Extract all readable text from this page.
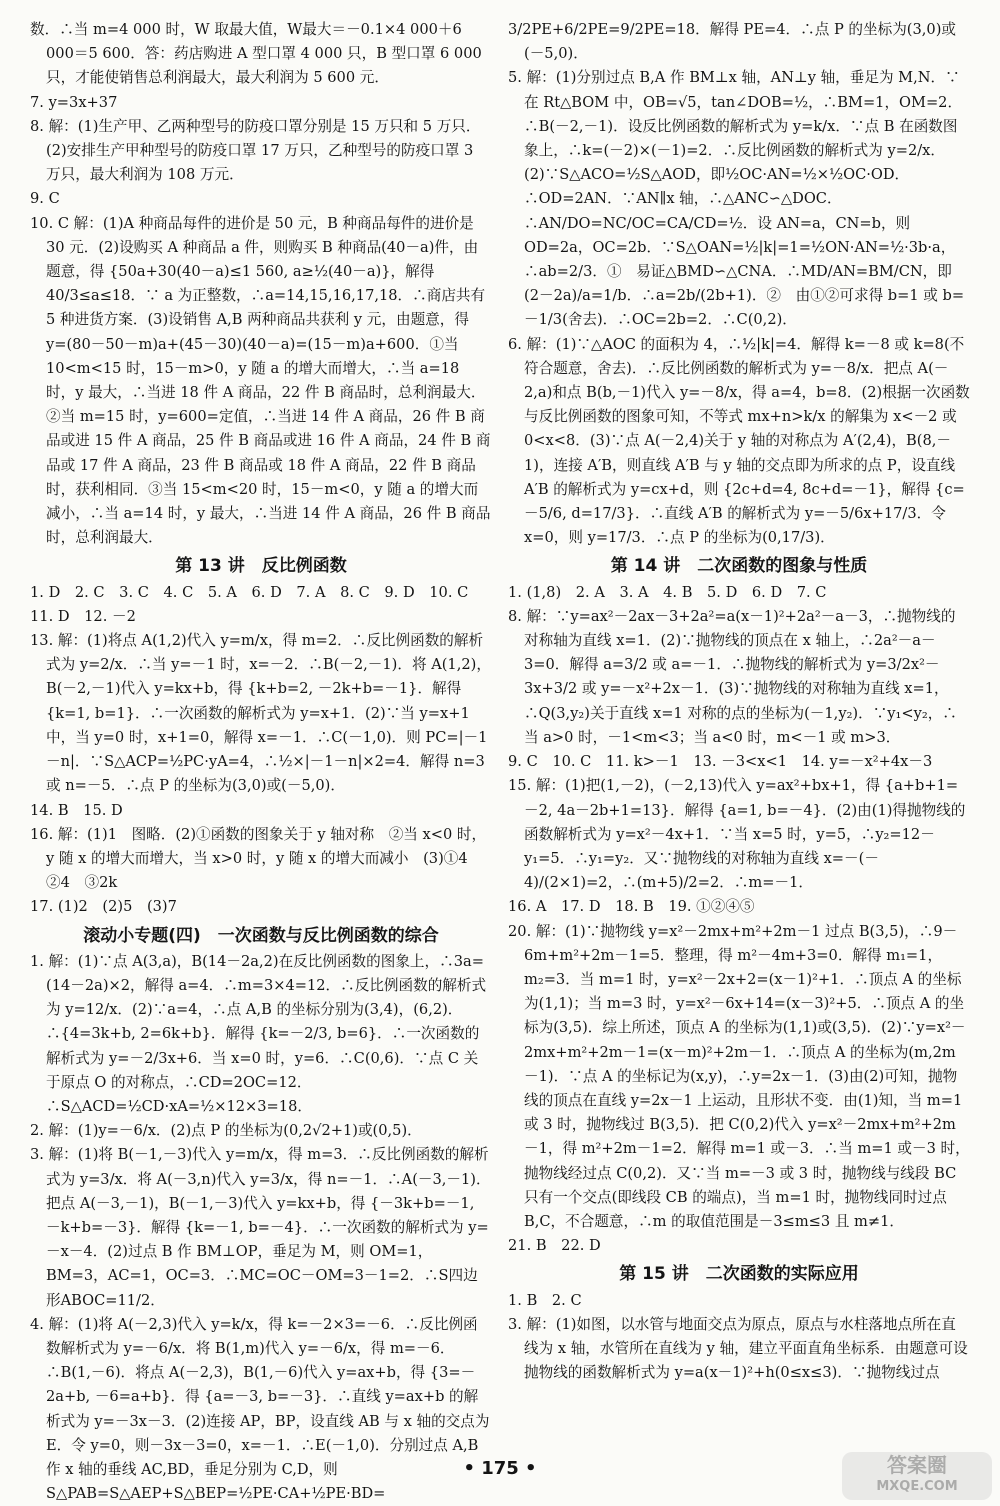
数．∴当 m=4 000 时，W 取最大值，W最大＝－0.1×4 000＋6 000＝5 600．答：药店购进 A 型口罩 4 000 只，B 型口罩 6 000 只，才能使销售总利润最大，最大利润为 5 600 元．

7. y=3x+37

8. 解：(1)生产甲、乙两种型号的防疫口罩分别是 15 万只和 5 万只．(2)安排生产甲种型号的防疫口罩 17 万只，乙种型号的防疫口罩 3 万只，最大利润为 108 万元．

9. C

10. C 解：(1)A 种商品每件的进价是 50 元，B 种商品每件的进价是 30 元．(2)设购买 A 种商品 a 件，则购买 B 种商品(40－a)件，由题意，得 {50a+30(40－a)≤1 560, a≥½(40－a)}，解得 40/3≤a≤18．∵ a 为正整数，∴a=14,15,16,17,18．∴商店共有 5 种进货方案．(3)设销售 A,B 两种商品共获利 y 元，由题意，得 y=(80－50－m)a+(45－30)(40－a)=(15－m)a+600．①当 10<m<15 时，15－m>0，y 随 a 的增大而增大，∴当 a=18 时，y 最大，∴当进 18 件 A 商品，22 件 B 商品时，总利润最大．②当 m=15 时，y=600=定值，∴当进 14 件 A 商品，26 件 B 商品或进 15 件 A 商品，25 件 B 商品或进 16 件 A 商品，24 件 B 商品或 17 件 A 商品，23 件 B 商品或 18 件 A 商品，22 件 B 商品时，获利相同．③当 15<m<20 时，15－m<0，y 随 a 的增大而减小，∴当 a=14 时，y 最大，∴当进 14 件 A 商品，26 件 B 商品时，总利润最大．

第 13 讲　反比例函数

1. D　2. C　3. C　4. C　5. A　6. D　7. A　8. C　9. D　10. C

11. D　12. －2

13. 解：(1)将点 A(1,2)代入 y=m/x，得 m=2．∴反比例函数的解析式为 y=2/x．∴当 y=－1 时，x=－2．∴B(－2,－1)．将 A(1,2)，B(－2,－1)代入 y=kx+b，得 {k+b=2, －2k+b=－1}．解得 {k=1, b=1}．∴一次函数的解析式为 y=x+1．(2)∵当 y=x+1 中，当 y=0 时，x+1=0，解得 x=－1．∴C(－1,0)．则 PC=|－1－n|．∵S△ACP=½PC·yA=4，∴½×|－1－n|×2=4．解得 n=3 或 n=－5．∴点 P 的坐标为(3,0)或(－5,0)．

14. B　15. D

16. 解：(1)1　图略．(2)①函数的图象关于 y 轴对称　②当 x<0 时，y 随 x 的增大而增大，当 x>0 时，y 随 x 的增大而减小　(3)①4 ②4　③2k

17. (1)2　(2)5　(3)7

滚动小专题(四)　一次函数与反比例函数的综合

1. 解：(1)∵点 A(3,a)，B(14－2a,2)在反比例函数的图象上，∴3a=(14－2a)×2，解得 a=4．∴m=3×4=12．∴反比例函数的解析式为 y=12/x．(2)∵a=4，∴点 A,B 的坐标分别为(3,4)，(6,2)．∴{4=3k+b, 2=6k+b}．解得 {k=－2/3, b=6}．∴一次函数的解析式为 y=－2/3x+6．当 x=0 时，y=6．∴C(0,6)．∵点 C 关于原点 O 的对称点，∴CD=2OC=12．∴S△ACD=½CD·xA=½×12×3=18．

2. 解：(1)y=－6/x．(2)点 P 的坐标为(0,2√2+1)或(0,5)．

3. 解：(1)将 B(－1,－3)代入 y=m/x，得 m=3．∴反比例函数的解析式为 y=3/x．将 A(－3,n)代入 y=3/x，得 n=－1．∴A(－3,－1)．把点 A(－3,－1)，B(－1,－3)代入 y=kx+b，得 {－3k+b=－1, －k+b=－3}．解得 {k=－1, b=－4}．∴一次函数的解析式为 y=－x－4．(2)过点 B 作 BM⊥OP，垂足为 M，则 OM=1，BM=3，AC=1，OC=3．∴MC=OC－OM=3－1=2．∴S四边形ABOC=11/2．

4. 解：(1)将 A(－2,3)代入 y=k/x，得 k=－2×3=－6．∴反比例函数解析式为 y=－6/x．将 B(1,m)代入 y=－6/x，得 m=－6．∴B(1,－6)．将点 A(－2,3)，B(1,－6)代入 y=ax+b，得 {3=－2a+b, －6=a+b}．得 {a=－3, b=－3}．∴直线 y=ax+b 的解析式为 y=－3x－3．(2)连接 AP，BP，设直线 AB 与 x 轴的交点为 E．令 y=0，则－3x－3=0，x=－1．∴E(－1,0)．分别过点 A,B 作 x 轴的垂线 AC,BD，垂足分别为 C,D，则 S△PAB=S△AEP+S△BEP=½PE·CA+½PE·BD=

3/2PE+6/2PE=9/2PE=18．解得 PE=4．∴点 P 的坐标为(3,0)或(－5,0)．

5. 解：(1)分别过点 B,A 作 BM⊥x 轴，AN⊥y 轴，垂足为 M,N．∵在 Rt△BOM 中，OB=√5，tan∠DOB=½，∴BM=1，OM=2．∴B(－2,－1)．设反比例函数的解析式为 y=k/x．∵点 B 在函数图象上，∴k=(－2)×(－1)=2．∴反比例函数的解析式为 y=2/x．(2)∵S△ACO=½S△AOD，即½OC·AN=½×½OC·OD．∴OD=2AN．∵AN∥x 轴，∴△ANC∽△DOC．∴AN/DO=NC/OC=CA/CD=½．设 AN=a，CN=b，则 OD=2a，OC=2b．∵S△OAN=½|k|=1=½ON·AN=½·3b·a，∴ab=2/3．①　易证△BMD∽△CNA．∴MD/AN=BM/CN，即 (2－2a)/a=1/b．∴a=2b/(2b+1)．②　由①②可求得 b=1 或 b=－1/3(舍去)．∴OC=2b=2．∴C(0,2)．

6. 解：(1)∵△AOC 的面积为 4，∴½|k|=4．解得 k=－8 或 k=8(不符合题意，舍去)．∴反比例函数的解析式为 y=－8/x．把点 A(－2,a)和点 B(b,－1)代入 y=－8/x，得 a=4，b=8．(2)根据一次函数与反比例函数的图象可知，不等式 mx+n>k/x 的解集为 x<－2 或 0<x<8．(3)∵点 A(－2,4)关于 y 轴的对称点为 A′(2,4)，B(8,－1)，连接 A′B，则直线 A′B 与 y 轴的交点即为所求的点 P，设直线 A′B 的解析式为 y=cx+d，则 {2c+d=4, 8c+d=－1}，解得 {c=－5/6, d=17/3}．∴直线 A′B 的解析式为 y=－5/6x+17/3．令 x=0，则 y=17/3．∴点 P 的坐标为(0,17/3)．

第 14 讲　二次函数的图象与性质

1. (1,8)　2. A　3. A　4. B　5. D　6. D　7. C

8. 解：∵y=ax²－2ax－3+2a²=a(x－1)²+2a²－a－3，∴抛物线的对称轴为直线 x=1．(2)∵抛物线的顶点在 x 轴上，∴2a²－a－3=0．解得 a=3/2 或 a=－1．∴抛物线的解析式为 y=3/2x²－3x+3/2 或 y=－x²+2x－1．(3)∵抛物线的对称轴为直线 x=1，∴Q(3,y₂)关于直线 x=1 对称的点的坐标为(－1,y₂)．∵y₁<y₂，∴当 a>0 时，－1<m<3；当 a<0 时，m<－1 或 m>3．

9. C　10. C　11. k>－1　13. －3<x<1　14. y=－x²+4x－3

15. 解：(1)把(1,－2)，(－2,13)代入 y=ax²+bx+1，得 {a+b+1=－2, 4a－2b+1=13}．解得 {a=1, b=－4}．(2)由(1)得抛物线的函数解析式为 y=x²－4x+1．∵当 x=5 时，y=5，∴y₂=12－y₁=5．∴y₁=y₂．又∵抛物线的对称轴为直线 x=－(－4)/(2×1)=2，∴(m+5)/2=2．∴m=－1．

16. A　17. D　18. B　19. ①②④⑤

20. 解：(1)∵抛物线 y=x²－2mx+m²+2m－1 过点 B(3,5)，∴9－6m+m²+2m－1=5．整理，得 m²－4m+3=0．解得 m₁=1，m₂=3．当 m=1 时，y=x²－2x+2=(x－1)²+1．∴顶点 A 的坐标为(1,1)；当 m=3 时，y=x²－6x+14=(x－3)²+5．∴顶点 A 的坐标为(3,5)．综上所述，顶点 A 的坐标为(1,1)或(3,5)．(2)∵y=x²－2mx+m²+2m－1=(x－m)²+2m－1．∴顶点 A 的坐标为(m,2m－1)．∵点 A 的坐标记为(x,y)，∴y=2x－1．(3)由(2)可知，抛物线的顶点在直线 y=2x－1 上运动，且形状不变．由(1)知，当 m=1 或 3 时，抛物线过 B(3,5)．把 C(0,2)代入 y=x²－2mx+m²+2m－1，得 m²+2m－1=2．解得 m=1 或－3．∴当 m=1 或－3 时，抛物线经过点 C(0,2)．又∵当 m=－3 或 3 时，抛物线与线段 BC 只有一个交点(即线段 CB 的端点)，当 m=1 时，抛物线同时过点 B,C，不合题意，∴m 的取值范围是－3≤m≤3 且 m≠1．

21. B　22. D

第 15 讲　二次函数的实际应用

1. B　2. C

3. 解：(1)如图，以水管与地面交点为原点，原点与水柱落地点所在直线为 x 轴，水管所在直线为 y 轴，建立平面直角坐标系．由题意可设抛物线的函数解析式为 y=a(x－1)²+h(0≤x≤3)．∵抛物线过点

• 175 •	答案圈
MXQE.COM
